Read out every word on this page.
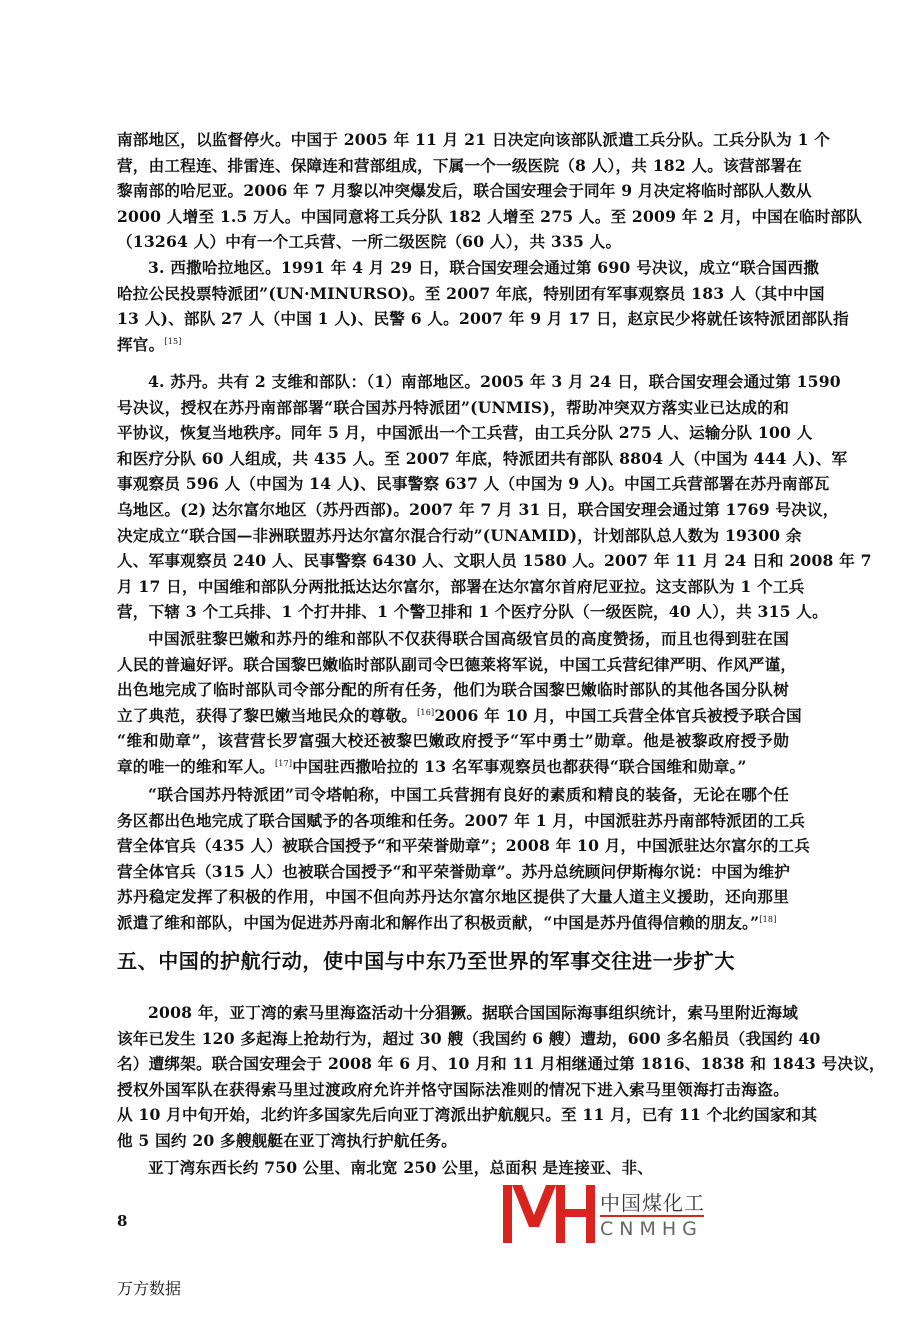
南部地区，以监督停火。中国于 2005 年 11 月 21 日决定向该部队派遣工兵分队。工兵分队为 1 个
营，由工程连、排雷连、保障连和营部组成，下属一个一级医院（8 人），共 182 人。该营部署在
黎南部的哈尼亚。2006 年 7 月黎以冲突爆发后，联合国安理会于同年 9 月决定将临时部队人数从
2000 人增至 1.5 万人。中国同意将工兵分队 182 人增至 275 人。至 2009 年 2 月，中国在临时部队
（13264 人）中有一个工兵营、一所二级医院（60 人），共 335 人。
3. 西撒哈拉地区。1991 年 4 月 29 日，联合国安理会通过第 690 号决议，成立“联合国西撒
哈拉公民投票特派团”(UN·MINURSO)。至 2007 年底，特别团有军事观察员 183 人（其中中国
13 人)、部队 27 人（中国 1 人)、民警 6 人。2007 年 9 月 17 日，赵京民少将就任该特派团部队指
挥官。[15]
4. 苏丹。共有 2 支维和部队：（1）南部地区。2005 年 3 月 24 日，联合国安理会通过第 1590
号决议，授权在苏丹南部部署“联合国苏丹特派团”(UNMIS)，帮助冲突双方落实业已达成的和
平协议，恢复当地秩序。同年 5 月，中国派出一个工兵营，由工兵分队 275 人、运输分队 100 人
和医疗分队 60 人组成，共 435 人。至 2007 年底，特派团共有部队 8804 人（中国为 444 人)、军
事观察员 596 人（中国为 14 人)、民事警察 637 人（中国为 9 人)。中国工兵营部署在苏丹南部瓦
乌地区。(2) 达尔富尔地区（苏丹西部)。2007 年 7 月 31 日，联合国安理会通过第 1769 号决议，
决定成立“联合国—非洲联盟苏丹达尔富尔混合行动”(UNAMID)，计划部队总人数为 19300 余
人、军事观察员 240 人、民事警察 6430 人、文职人员 1580 人。2007 年 11 月 24 日和 2008 年 7
月 17 日，中国维和部队分两批抵达达尔富尔，部署在达尔富尔首府尼亚拉。这支部队为 1 个工兵
营，下辖 3 个工兵排、1 个打井排、1 个警卫排和 1 个医疗分队（一级医院，40 人），共 315 人。
中国派驻黎巴嫩和苏丹的维和部队不仅获得联合国高级官员的高度赞扬，而且也得到驻在国
人民的普遍好评。联合国黎巴嫩临时部队副司令巴德莱将军说，中国工兵营纪律严明、作风严谨，
出色地完成了临时部队司令部分配的所有任务，他们为联合国黎巴嫩临时部队的其他各国分队树
立了典范，获得了黎巴嫩当地民众的尊敬。[16]2006 年 10 月，中国工兵营全体官兵被授予联合国
“维和勋章”，该营营长罗富强大校还被黎巴嫩政府授予“军中勇士”勋章。他是被黎政府授予勋
章的唯一的维和军人。[17]中国驻西撒哈拉的 13 名军事观察员也都获得“联合国维和勋章。”
“联合国苏丹特派团”司令塔帕称，中国工兵营拥有良好的素质和精良的装备，无论在哪个任
务区都出色地完成了联合国赋予的各项维和任务。2007 年 1 月，中国派驻苏丹南部特派团的工兵
营全体官兵（435 人）被联合国授予“和平荣誉勋章”；2008 年 10 月，中国派驻达尔富尔的工兵
营全体官兵（315 人）也被联合国授予“和平荣誉勋章”。苏丹总统顾问伊斯梅尔说：中国为维护
苏丹稳定发挥了积极的作用，中国不但向苏丹达尔富尔地区提供了大量人道主义援助，还向那里
派遣了维和部队，中国为促进苏丹南北和解作出了积极贡献，“中国是苏丹值得信赖的朋友。”[18]
2008 年，亚丁湾的索马里海盗活动十分猖獗。据联合国国际海事组织统计，索马里附近海域
该年已发生 120 多起海上抢劫行为，超过 30 艘（我国约 6 艘）遭劫，600 多名船员（我国约 40
名）遭绑架。联合国安理会于 2008 年 6 月、10 月和 11 月相继通过第 1816、1838 和 1843 号决议，
授权外国军队在获得索马里过渡政府允许并恪守国际法准则的情况下进入索马里领海打击海盗。
从 10 月中旬开始，北约许多国家先后向亚丁湾派出护航舰只。至 11 月，已有 11 个北约国家和其
他 5 国约 20 多艘舰艇在亚丁湾执行护航任务。
亚丁湾东西长约 750 公里、南北宽 250 公里，总面积 是连接亚、非、
五、中国的护航行动，使中国与中东乃至世界的军事交往进一步扩大
8
万方数据
中国煤化工
CNMHG
